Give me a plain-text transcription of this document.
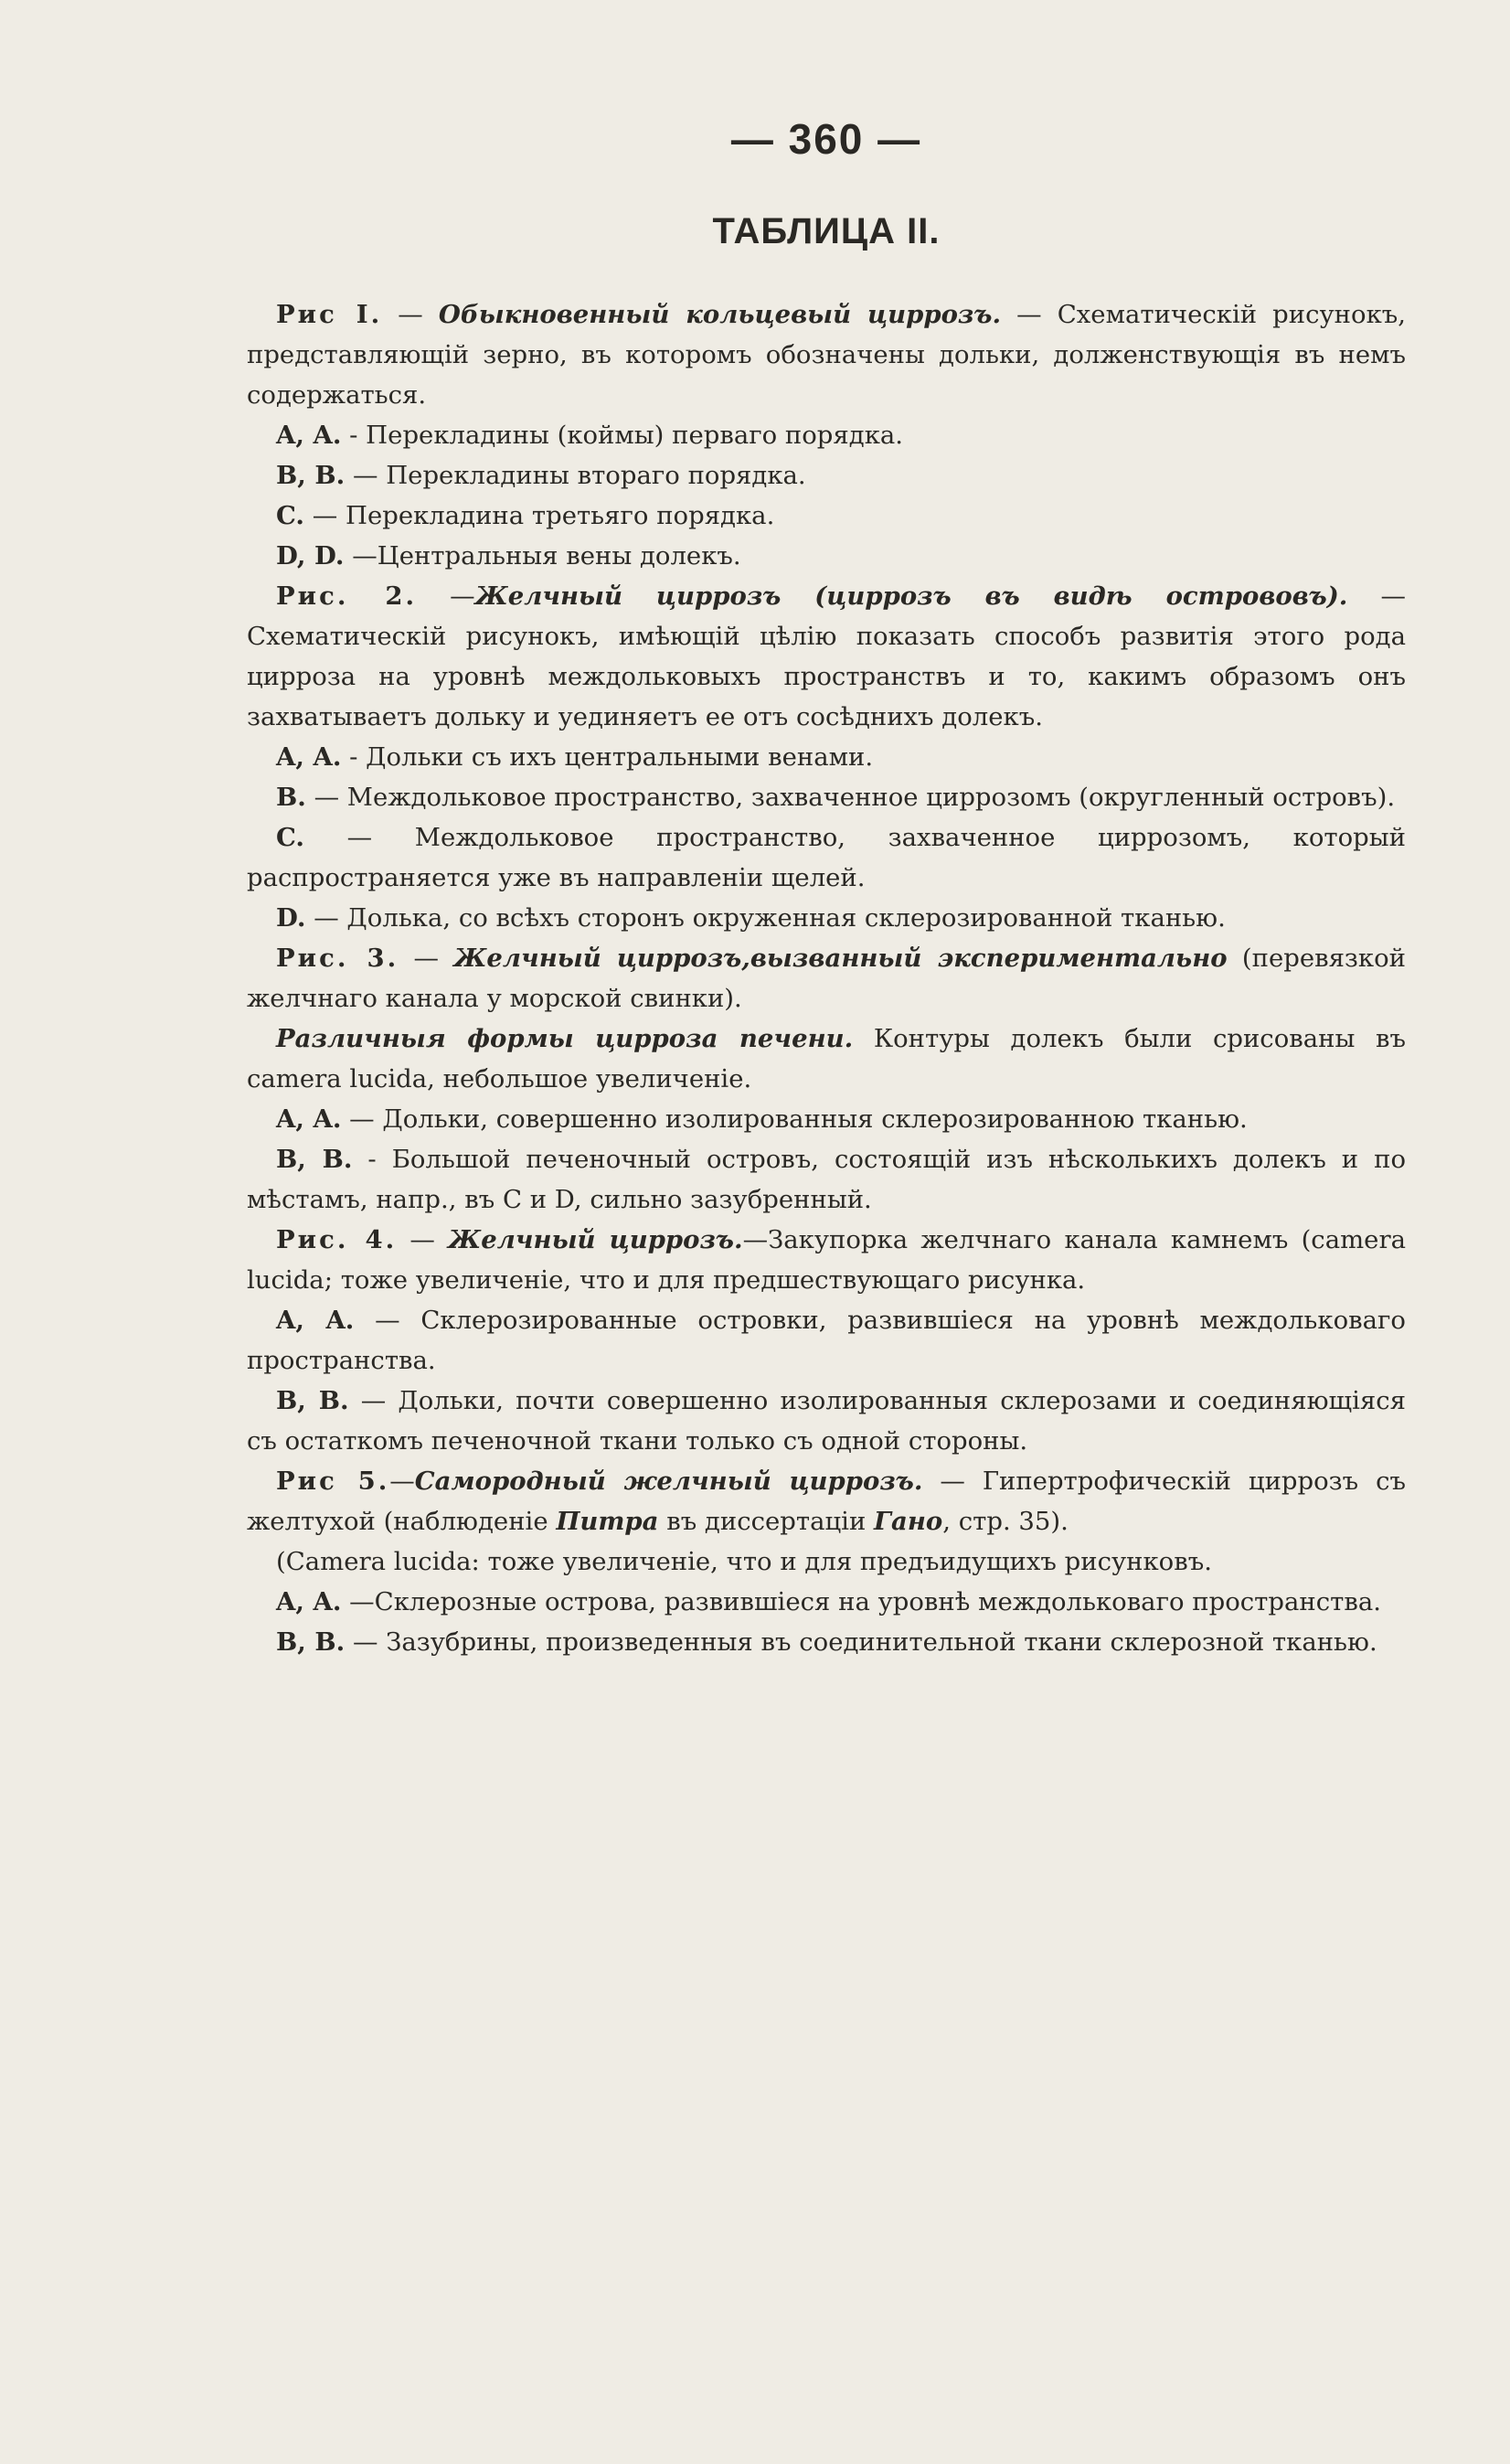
— 360 —
ТАБЛИЦА II.

Рис I. — Обыкновенный кольцевый циррозъ. — Схематическій рисунокъ, представляющій зерно, въ которомъ обозначены дольки, долженствующія въ немъ содержаться.

A, A. - Перекладины (коймы) перваго порядка.

B, B. — Перекладины втораго порядка.

C. — Перекладина третьяго порядка.

D, D. —Центральныя вены долекъ.

Рис. 2. —Желчный циррозъ (циррозъ въ видѣ острововъ). — Схематическій рисунокъ, имѣющій цѣлію показать способъ развитія этого рода цирроза на уровнѣ междольковыхъ пространствъ и то, какимъ образомъ онъ захватываетъ дольку и уединяетъ ее отъ сосѣднихъ долекъ.

A, A. - Дольки съ ихъ центральными венами.

B. — Междольковое пространство, захваченное циррозомъ (округленный островъ).

C. — Междольковое пространство, захваченное циррозомъ, который распространяется уже въ направленіи щелей.

D. — Долька, со всѣхъ сторонъ окруженная склерозированной тканью.

Рис. 3. — Желчный циррозъ,вызванный экспериментально (перевязкой желчнаго канала у морской свинки).

Различныя формы цирроза печени. Контуры долекъ были срисованы въ camera lucida, небольшое увеличеніе.

A, A. — Дольки, совершенно изолированныя склерозированною тканью.

B, B. - Большой печеночный островъ, состоящій изъ нѣсколькихъ долекъ и по мѣстамъ, напр., въ C и D, сильно зазубренный.

Рис. 4. — Желчный циррозъ.—Закупорка желчнаго канала камнемъ (camera lucida; тоже увеличеніе, что и для предшествующаго рисунка.

A, A. — Склерозированные островки, развившіеся на уровнѣ междольковаго пространства.

B, B. — Дольки, почти совершенно изолированныя склерозами и соединяющіяся съ остаткомъ печеночной ткани только съ одной стороны.

Рис 5.—Самородный желчный циррозъ. — Гипертрофическій циррозъ съ желтухой (наблюденіе Питра въ диссертаціи Гано, стр. 35).

(Camera lucida: тоже увеличеніе, что и для предъидущихъ рисунковъ.

A, A. —Склерозные острова, развившіеся на уровнѣ междольковаго пространства.

B, B. — Зазубрины, произведенныя въ соединительной ткани склерозной тканью.
